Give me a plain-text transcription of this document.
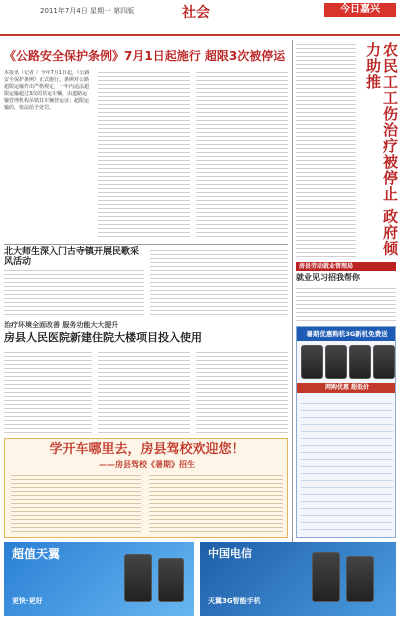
2011年7月4日 星期一 第四版	社会	今日嘉兴
《公路安全保护条例》7月1日起施行 超限3次被停运
本报讯（记者 ）今年7月1日起，《公路安全保护条例》正式施行。条例对公路超限运输作出严格规定，一年内违法超限运输超过3次的货运车辆，由道路运输管理机构吊销其车辆营运证；超限运输的，依法给予处罚。	农民工工伤治疗被停止 政府倾力助推
北大师生深入门古寺镇开展民歌采风活动
治疗环境全面改善 服务功能大大提升
房县人民医院新建住院大楼项目投入使用
学开车哪里去，房县驾校欢迎您！
——房县驾校《暑期》招生
房县劳动就业管理局
就业见习招我帮你
暑期优惠购机3G新机免费送
网购优惠 超低价
超值天翼
更快·更好
中国电信
天翼3G智能手机
